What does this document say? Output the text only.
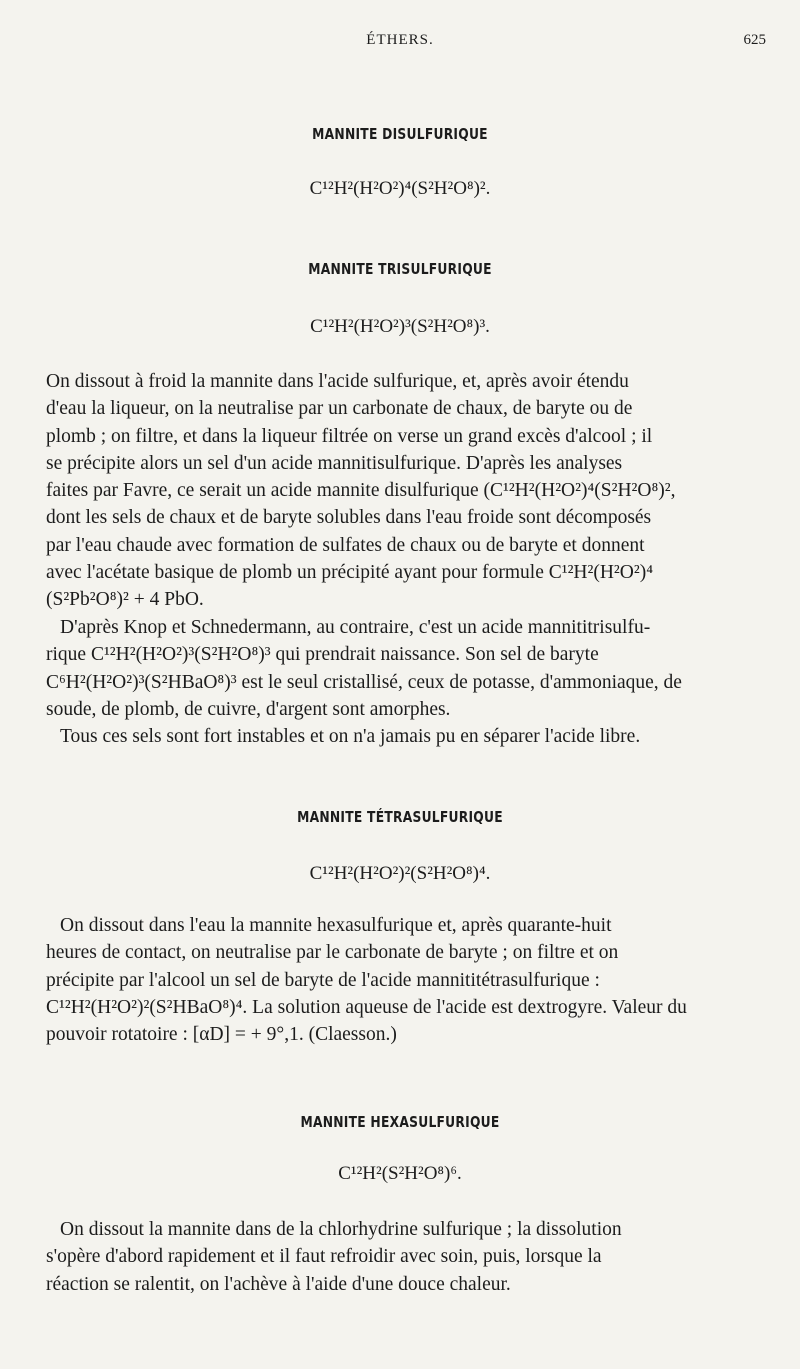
ÉTHERS.	625
MANNITE DISULFURIQUE
C¹²H²(H²O²)⁴(S²H²O⁸)².
MANNITE TRISULFURIQUE
C¹²H²(H²O²)³(S²H²O⁸)³.
On dissout à froid la mannite dans l'acide sulfurique, et, après avoir étendu
d'eau la liqueur, on la neutralise par un carbonate de chaux, de baryte ou de
plomb ; on filtre, et dans la liqueur filtrée on verse un grand excès d'alcool ; il
se précipite alors un sel d'un acide mannitisulfurique. D'après les analyses
faites par Favre, ce serait un acide mannite disulfurique (C¹²H²(H²O²)⁴(S²H²O⁸)²,
dont les sels de chaux et de baryte solubles dans l'eau froide sont décomposés
par l'eau chaude avec formation de sulfates de chaux ou de baryte et donnent
avec l'acétate basique de plomb un précipité ayant pour formule C¹²H²(H²O²)⁴
(S²Pb²O⁸)² + 4 PbO.
D'après Knop et Schnedermann, au contraire, c'est un acide mannititrisulfu-
rique C¹²H²(H²O²)³(S²H²O⁸)³ qui prendrait naissance. Son sel de baryte
C⁶H²(H²O²)³(S²HBaO⁸)³ est le seul cristallisé, ceux de potasse, d'ammoniaque, de
soude, de plomb, de cuivre, d'argent sont amorphes.
Tous ces sels sont fort instables et on n'a jamais pu en séparer l'acide libre.
MANNITE TÉTRASULFURIQUE
C¹²H²(H²O²)²(S²H²O⁸)⁴.
On dissout dans l'eau la mannite hexasulfurique et, après quarante-huit
heures de contact, on neutralise par le carbonate de baryte ; on filtre et on
précipite par l'alcool un sel de baryte de l'acide mannititétrasulfurique :
C¹²H²(H²O²)²(S²HBaO⁸)⁴. La solution aqueuse de l'acide est dextrogyre. Valeur du
pouvoir rotatoire : [αD] = + 9°,1. (Claesson.)
MANNITE HEXASULFURIQUE
C¹²H²(S²H²O⁸)⁶.
On dissout la mannite dans de la chlorhydrine sulfurique ; la dissolution
s'opère d'abord rapidement et il faut refroidir avec soin, puis, lorsque la
réaction se ralentit, on l'achève à l'aide d'une douce chaleur.
